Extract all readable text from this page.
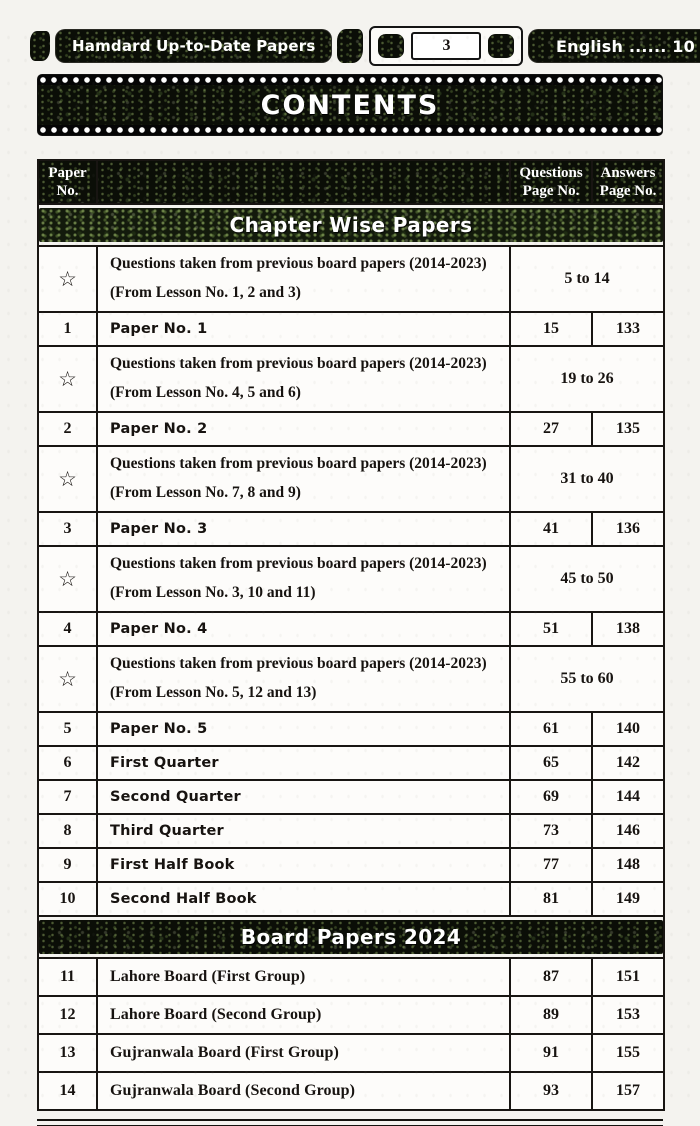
Hamdard Up-to-Date Papers	3	English ...... 10
CONTENTS
Paper No.		Questions Page No.	Answers Page No.

Chapter Wise Papers			

☆	Questions taken from previous board papers (2014-2023)
(From Lesson No. 1, 2 and 3)	5 to 14	
1	Paper No. 1	15	133
☆	Questions taken from previous board papers (2014-2023)
(From Lesson No. 4, 5 and 6)	19 to 26	
2	Paper No. 2	27	135
☆	Questions taken from previous board papers (2014-2023)
(From Lesson No. 7, 8 and 9)	31 to 40	
3	Paper No. 3	41	136
☆	Questions taken from previous board papers (2014-2023)
(From Lesson No. 3, 10 and 11)	45 to 50	
4	Paper No. 4	51	138
☆	Questions taken from previous board papers (2014-2023)
(From Lesson No. 5, 12 and 13)	55 to 60	
5	Paper No. 5	61	140
6	First Quarter	65	142
7	Second Quarter	69	144
8	Third Quarter	73	146
9	First Half Book	77	148
10	Second Half Book	81	149

Board Papers 2024			

11	Lahore Board (First Group)	87	151
12	Lahore Board (Second Group)	89	153
13	Gujranwala Board (First Group)	91	155
14	Gujranwala Board (Second Group)	93	157
